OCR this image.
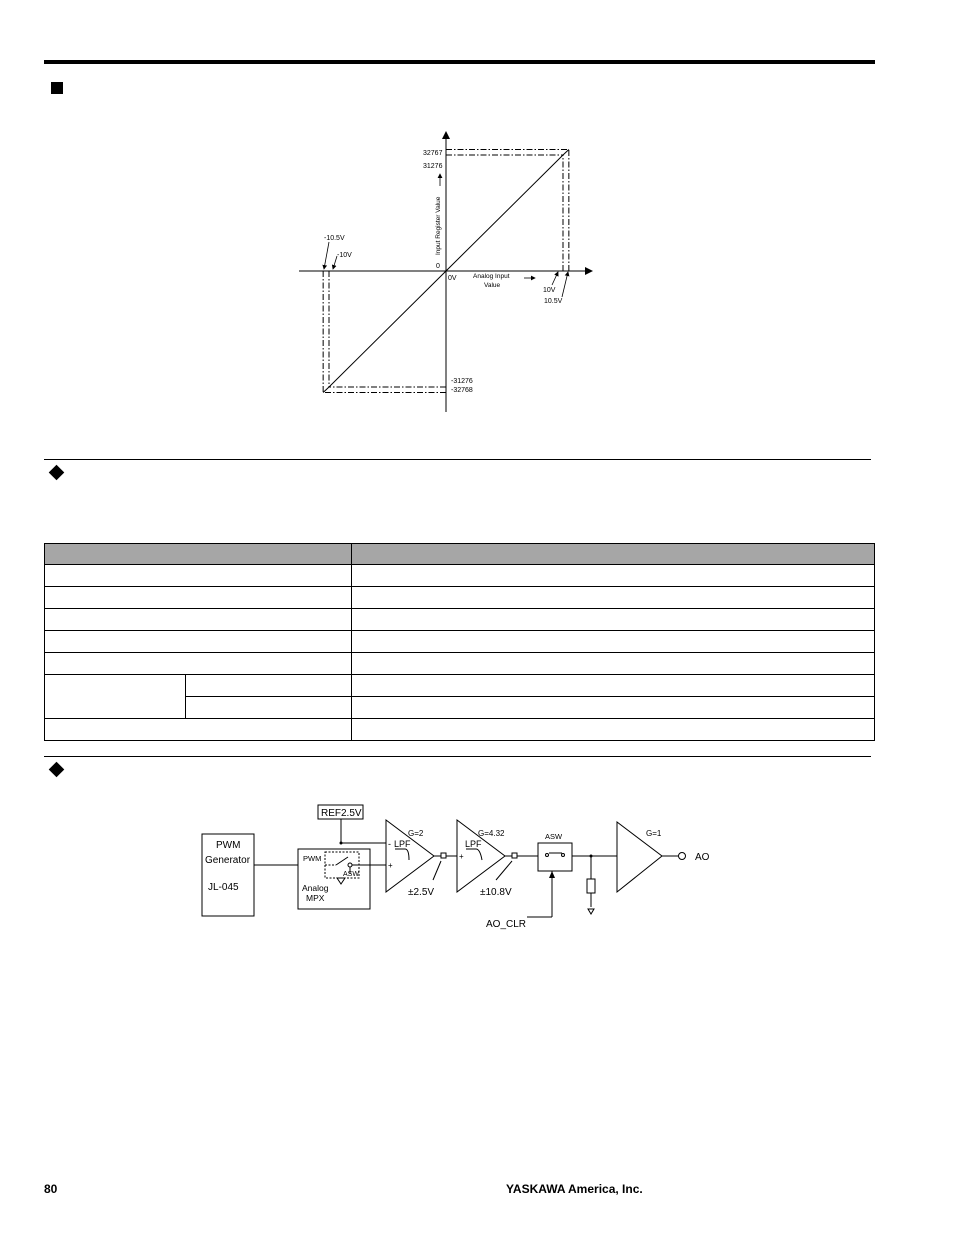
32767
31276
0
-31276
-32768
-10.5V
-10V
0V
10V
10.5V
Input Register Value
Analog Input
Value

REF2.5V
PWM
Generator
JL-045
PWM
ASW
Analog
MPX
G=2
LPF
-
+
±2.5V
G=4.32
LPF
+
±10.8V
ASW	G=1
AO
AO_CLR
80	YASKAWA America, Inc.
